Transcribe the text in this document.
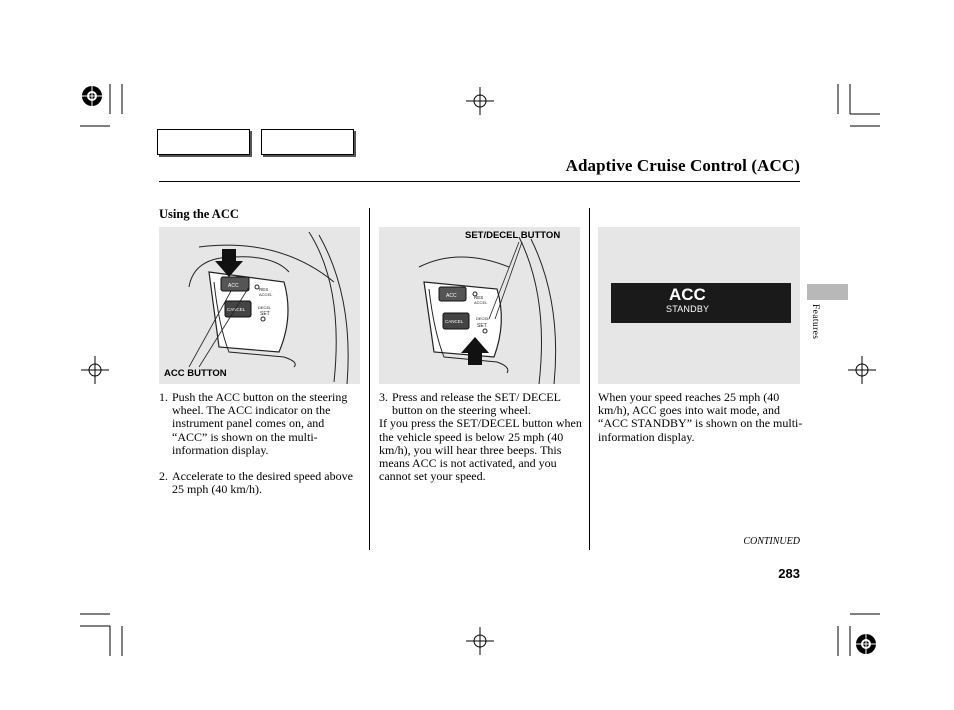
Adaptive Cruise Control (ACC)
Using the ACC
ACC
CANCEL
RES
ACCEL
DECEL
SET
ACC BUTTON
ACC
CANCEL
RES
ACCEL
DECEL
SET
SET/DECEL BUTTON
ACC
STANDBY
1. Push the ACC button on the steering wheel. The ACC indicator on the instrument panel comes on, and “ACC” is shown on the multi-information display.
2. Accelerate to the desired speed above 25 mph (40 km/h).
3. Press and release the SET/ DECEL button on the steering wheel.
If you press the SET/DECEL button when the vehicle speed is below 25 mph (40 km/h), you will hear three beeps. This means ACC is not activated, and you cannot set your speed.
When your speed reaches 25 mph (40 km/h), ACC goes into wait mode, and “ACC STANDBY” is shown on the multi-information display.
Features
CONTINUED
283
